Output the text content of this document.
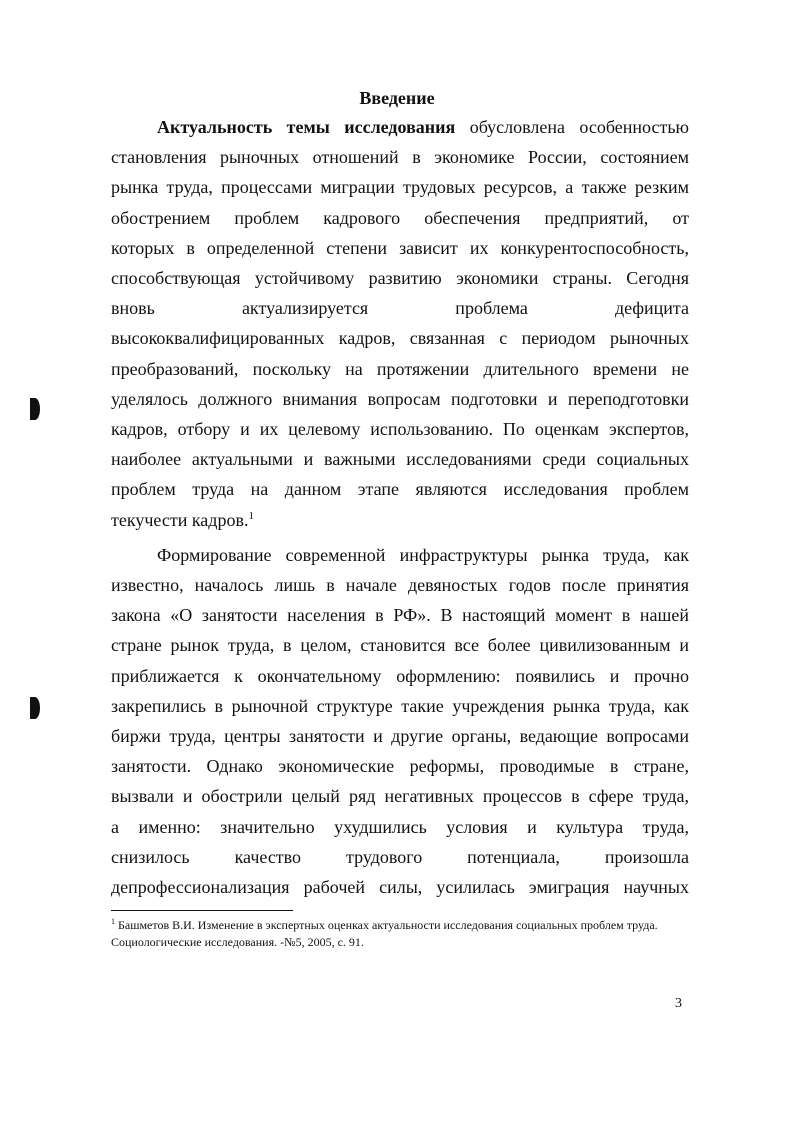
Введение

Актуальность темы исследования обусловлена особенностью
становления рыночных отношений в экономике России, состоянием
рынка труда, процессами миграции трудовых ресурсов, а также резким
обострением проблем кадрового обеспечения предприятий, от
которых в определенной степени зависит их конкурентоспособность,
способствующая устойчивому развитию экономики страны. Сегодня
вновь актуализируется проблема дефицита
высококвалифицированных кадров, связанная с периодом рыночных
преобразований, поскольку на протяжении длительного времени не
уделялось должного внимания вопросам подготовки и переподготовки
кадров, отбору и их целевому использованию. По оценкам экспертов,
наиболее актуальными и важными исследованиями среди социальных
проблем труда на данном этапе являются исследования проблем
текучести кадров.$^1$

Формирование современной инфраструктуры рынка труда, как
известно, началось лишь в начале девяностых годов после принятия
закона «О занятости населения в РФ». В настоящий момент в нашей
стране рынок труда, в целом, становится все более цивилизованным и
приближается к окончательному оформлению: появились и прочно
закрепились в рыночной структуре такие учреждения рынка труда, как
биржи труда, центры занятости и другие органы, ведающие вопросами
занятости. Однако экономические реформы, проводимые в стране,
вызвали и обострили целый ряд негативных процессов в сфере труда,
а именно: значительно ухудшились условия и культура труда,
снизилось качество трудового потенциала, произошла
депрофессионализация рабочей силы, усилилась эмиграция научных

$^1$ Башметов В.И. Изменение в экспертных оценках актуальности исследования социальных проблем труда. Социологические исследования. -№5, 2005, с. 91.
3
